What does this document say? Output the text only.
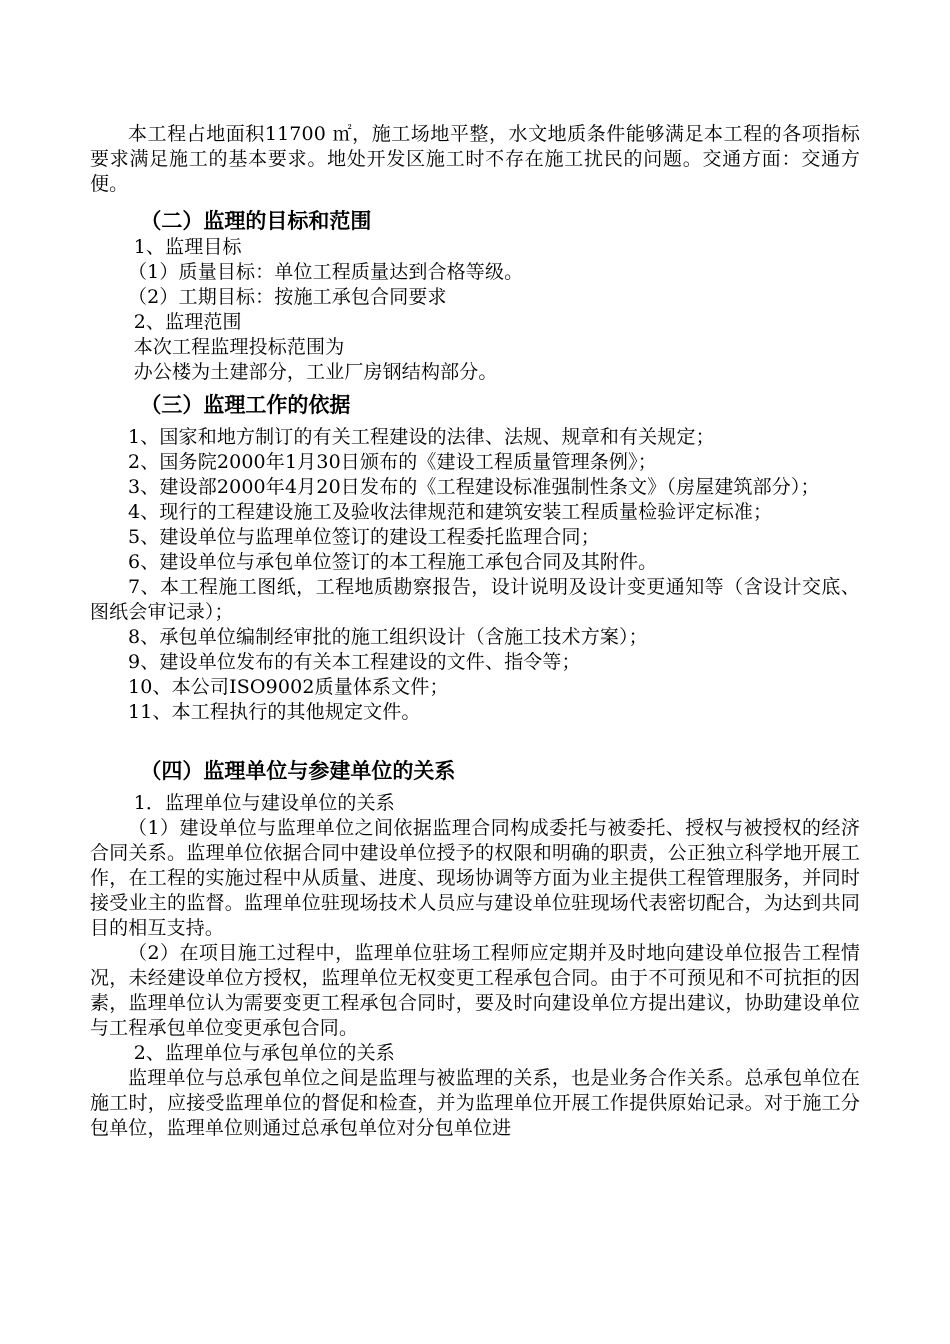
本工程占地面积11700 ㎡，施工场地平整，水文地质条件能够满足本工程的各项指标要求满足施工的基本要求。地处开发区施工时不存在施工扰民的问题。交通方面：交通方便。

（二）监理的目标和范围

1、监理目标

（1）质量目标：单位工程质量达到合格等级。

（2）工期目标：按施工承包合同要求

2、监理范围

本次工程监理投标范围为

办公楼为土建部分，工业厂房钢结构部分。

（三）监理工作的依据

1、国家和地方制订的有关工程建设的法律、法规、规章和有关规定；

2、国务院2000年1月30日颁布的《建设工程质量管理条例》；

3、建设部2000年4月20日发布的《工程建设标准强制性条文》（房屋建筑部分）；

4、现行的工程建设施工及验收法律规范和建筑安装工程质量检验评定标准；

5、建设单位与监理单位签订的建设工程委托监理合同；

6、建设单位与承包单位签订的本工程施工承包合同及其附件。

7、本工程施工图纸，工程地质勘察报告，设计说明及设计变更通知等（含设计交底、图纸会审记录）；

8、承包单位编制经审批的施工组织设计（含施工技术方案）；

9、建设单位发布的有关本工程建设的文件、指令等；

10、本公司ISO9002质量体系文件；

11、本工程执行的其他规定文件。

（四）监理单位与参建单位的关系

1．监理单位与建设单位的关系

（1）建设单位与监理单位之间依据监理合同构成委托与被委托、授权与被授权的经济合同关系。监理单位依据合同中建设单位授予的权限和明确的职责，公正独立科学地开展工作，在工程的实施过程中从质量、进度、现场协调等方面为业主提供工程管理服务，并同时接受业主的监督。监理单位驻现场技术人员应与建设单位驻现场代表密切配合，为达到共同目的相互支持。

（2）在项目施工过程中，监理单位驻场工程师应定期并及时地向建设单位报告工程情况，未经建设单位方授权，监理单位无权变更工程承包合同。由于不可预见和不可抗拒的因素，监理单位认为需要变更工程承包合同时，要及时向建设单位方提出建议，协助建设单位与工程承包单位变更承包合同。

2、监理单位与承包单位的关系

监理单位与总承包单位之间是监理与被监理的关系，也是业务合作关系。总承包单位在施工时，应接受监理单位的督促和检查，并为监理单位开展工作提供原始记录。对于施工分包单位，监理单位则通过总承包单位对分包单位进
